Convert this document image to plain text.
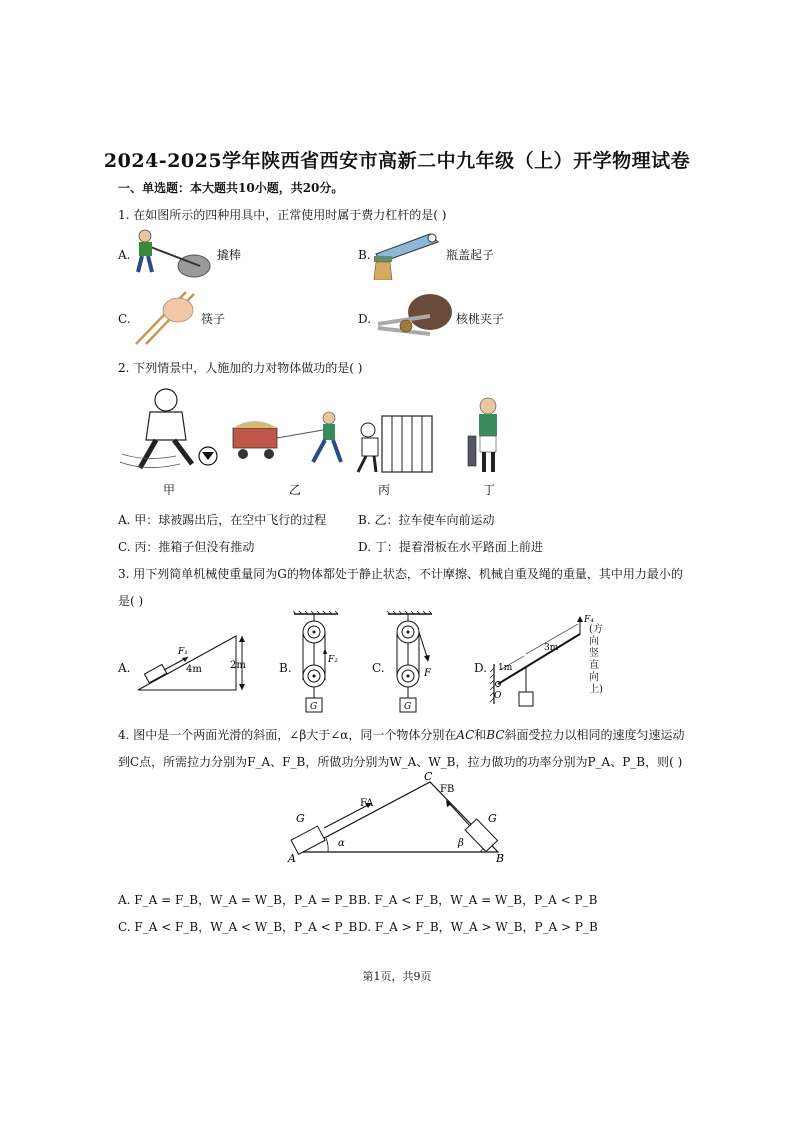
2024-2025学年陕西省西安市高新二中九年级（上）开学物理试卷
一、单选题：本大题共10小题，共20分。
1. 在如图所示的四种用具中，正常使用时属于费力杠杆的是( )
A.	撬棒	B.	瓶盖起子
C.	筷子	D.	核桃夹子
2. 下列情景中，人施加的力对物体做功的是( )
甲	乙	丙	丁
A. 甲：球被踢出后，在空中飞行的过程	B. 乙：拉车使车向前运动
C. 丙：推箱子但没有推动	D. 丁：提着滑板在水平路面上前进
3. 用下列简单机械使重量同为G的物体都处于静止状态，不计摩擦、机械自重及绳的重量，其中用力最小的
是( )
A.
F₁
4m	2m	B.
F₂
G
C.	F
G
D. 1m
3m
O
F₄
(方向竖直向上)
4. 图中是一个两面光滑的斜面，∠β大于∠α，同一个物体分别在AC和BC斜面受拉力以相同的速度匀速运动
到C点，所需拉力分别为F_A、F_B，所做功分别为W_A、W_B，拉力做功的功率分别为P_A、P_B，则( )
A	B
C
α	β
G	G
FA
FB
A. F_A = F_B，W_A = W_B，P_A = P_B B. F_A < F_B，W_A = W_B，P_A < P_B
C. F_A < F_B，W_A < W_B，P_A < P_B D. F_A > F_B，W_A > W_B，P_A > P_B
第1页，共9页
